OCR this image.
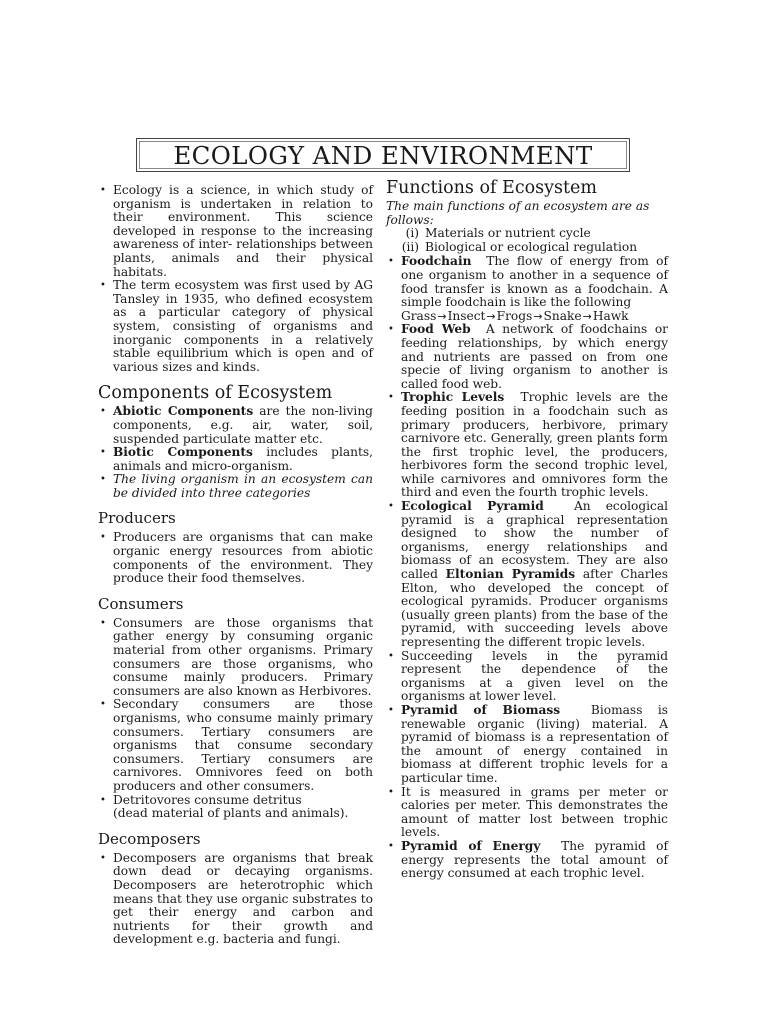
ECOLOGY AND ENVIRONMENT

• Ecology is a science, in which study of organism is undertaken in relation to their environment. This science developed in response to the increasing awareness of inter- relationships between plants, animals and their physical habitats.

• The term ecosystem was first used by AG Tansley in 1935, who defined ecosystem as a particular category of physical system, consisting of organisms and inorganic components in a relatively stable equilibrium which is open and of various sizes and kinds.

Components of Ecosystem

• Abiotic Components are the non-living components, e.g. air, water, soil, suspended particulate matter etc.

• Biotic Components includes plants, animals and micro-organism.

• The living organism in an ecosystem can be divided into three categories

Producers

• Producers are organisms that can make organic energy resources from abiotic components of the environment. They produce their food themselves.

Consumers

• Consumers are those organisms that gather energy by consuming organic material from other organisms. Primary consumers are those organisms, who consume mainly producers. Primary consumers are also known as Herbivores.

• Secondary consumers are those organisms, who consume mainly primary consumers. Tertiary consumers are organisms that consume secondary consumers. Tertiary consumers are carnivores. Omnivores feed on both producers and other consumers.

• Detritovores consume detritus
(dead material of plants and animals).

Decomposers

• Decomposers are organisms that break down dead or decaying organisms. Decomposers are heterotrophic which means that they use organic substrates to get their energy and carbon and nutrients for their growth and development e.g. bacteria and fungi.

Functions of Ecosystem

The main functions of an ecosystem are as follows:

(i) Materials or nutrient cycle

(ii) Biological or ecological regulation

• Foodchain The flow of energy from of one organism to another in a sequence of food transfer is known as a foodchain. A simple foodchain is like the following
Grass→Insect→Frogs→Snake→Hawk

• Food Web A network of foodchains or feeding relationships, by which energy and nutrients are passed on from one specie of living organism to another is called food web.

• Trophic Levels Trophic levels are the feeding position in a foodchain such as primary producers, herbivore, primary carnivore etc. Generally, green plants form the first trophic level, the producers, herbivores form the second trophic level, while carnivores and omnivores form the third and even the fourth trophic levels.

• Ecological Pyramid An ecological pyramid is a graphical representation designed to show the number of organisms, energy relationships and biomass of an ecosystem. They are also called Eltonian Pyramids after Charles Elton, who developed the concept of ecological pyramids. Producer organisms (usually green plants) from the base of the pyramid, with succeeding levels above representing the different tropic levels.

• Succeeding levels in the pyramid represent the dependence of the organisms at a given level on the organisms at lower level.

• Pyramid of Biomass	Biomass is renewable organic (living) material. A pyramid of biomass is a representation of the amount of energy contained in biomass at different trophic levels for a particular time.

• It is measured in grams per meter or calories per meter. This demonstrates the amount of matter lost between trophic levels.

• Pyramid of Energy The pyramid of energy represents the total amount of energy consumed at each trophic level.
